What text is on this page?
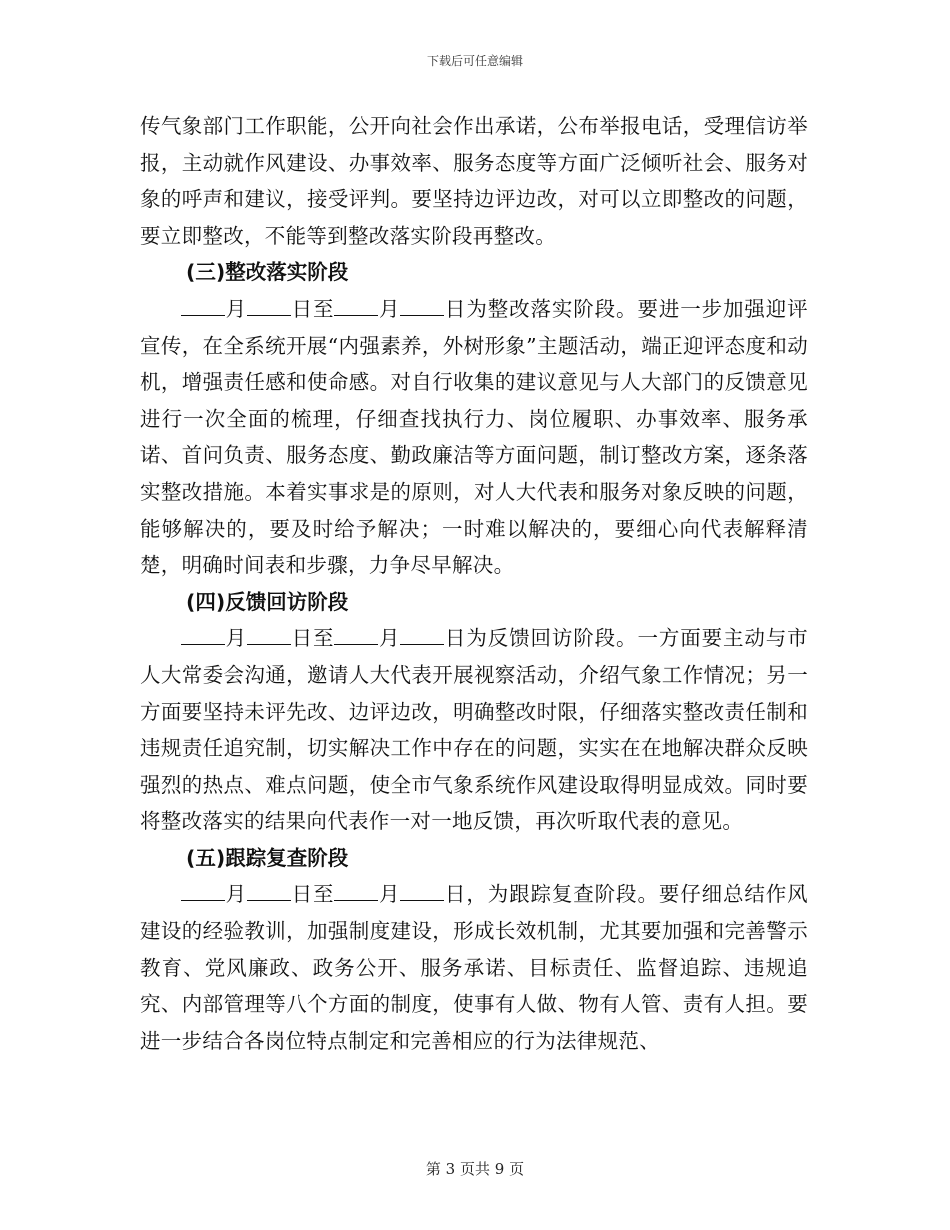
下载后可任意编辑

传气象部门工作职能，公开向社会作出承诺，公布举报电话，受理信访举报，主动就作风建设、办事效率、服务态度等方面广泛倾听社会、服务对象的呼声和建议，接受评判。要坚持边评边改，对可以立即整改的问题，要立即整改，不能等到整改落实阶段再整改。

(三)整改落实阶段

月 日至 月 日为整改落实阶段。要进一步加强迎评宣传，在全系统开展“内强素养，外树形象”主题活动，端正迎评态度和动机，增强责任感和使命感。对自行收集的建议意见与人大部门的反馈意见进行一次全面的梳理，仔细查找执行力、岗位履职、办事效率、服务承诺、首问负责、服务态度、勤政廉洁等方面问题，制订整改方案，逐条落实整改措施。本着实事求是的原则，对人大代表和服务对象反映的问题，能够解决的，要及时给予解决；一时难以解决的，要细心向代表解释清楚，明确时间表和步骤，力争尽早解决。

(四)反馈回访阶段

月 日至 月 日为反馈回访阶段。一方面要主动与市人大常委会沟通，邀请人大代表开展视察活动，介绍气象工作情况；另一方面要坚持未评先改、边评边改，明确整改时限，仔细落实整改责任制和违规责任追究制，切实解决工作中存在的问题，实实在在地解决群众反映强烈的热点、难点问题，使全市气象系统作风建设取得明显成效。同时要将整改落实的结果向代表作一对一地反馈，再次听取代表的意见。

(五)跟踪复查阶段

月 日至 月 日，为跟踪复查阶段。要仔细总结作风建设的经验教训，加强制度建设，形成长效机制，尤其要加强和完善警示教育、党风廉政、政务公开、服务承诺、目标责任、监督追踪、违规追究、内部管理等八个方面的制度，使事有人做、物有人管、责有人担。要进一步结合各岗位特点制定和完善相应的行为法律规范、

第 3 页共 9 页
